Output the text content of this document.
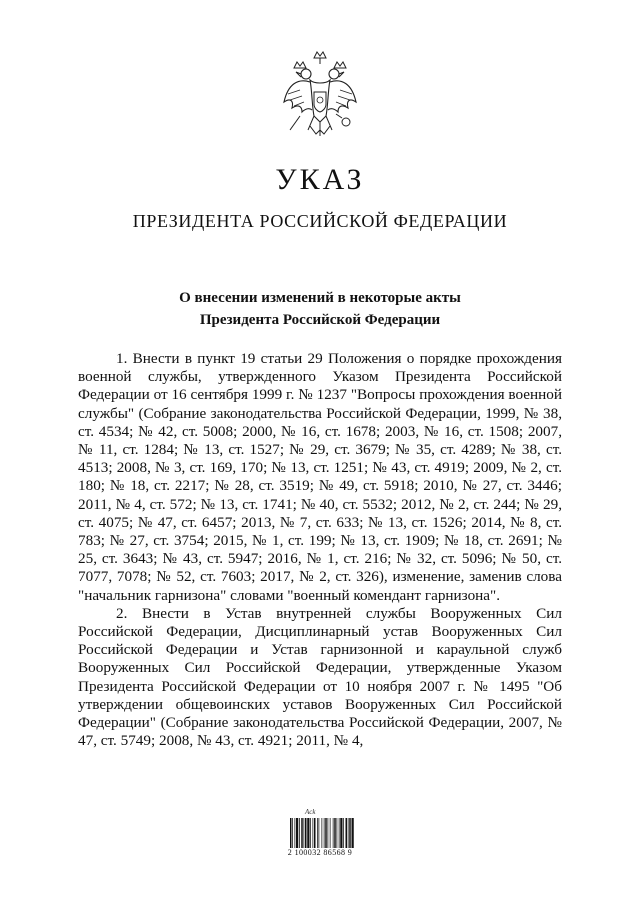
УКАЗ
ПРЕЗИДЕНТА РОССИЙСКОЙ ФЕДЕРАЦИИ
О внесении изменений в некоторые акты
Президента Российской Федерации

1. Внести в пункт 19 статьи 29 Положения о порядке прохождения военной службы, утвержденного Указом Президента Российской Федерации от 16 сентября 1999 г. № 1237 "Вопросы прохождения военной службы" (Собрание законодательства Российской Федерации, 1999, № 38, ст. 4534; № 42, ст. 5008; 2000, № 16, ст. 1678; 2003, № 16, ст. 1508; 2007, № 11, ст. 1284; № 13, ст. 1527; № 29, ст. 3679; № 35, ст. 4289; № 38, ст. 4513; 2008, № 3, ст. 169, 170; № 13, ст. 1251; № 43, ст. 4919; 2009, № 2, ст. 180; № 18, ст. 2217; № 28, ст. 3519; № 49, ст. 5918; 2010, № 27, ст. 3446; 2011, № 4, ст. 572; № 13, ст. 1741; № 40, ст. 5532; 2012, № 2, ст. 244; № 29, ст. 4075; № 47, ст. 6457; 2013, № 7, ст. 633; № 13, ст. 1526; 2014, № 8, ст. 783; № 27, ст. 3754; 2015, № 1, ст. 199; № 13, ст. 1909; № 18, ст. 2691; № 25, ст. 3643; № 43, ст. 5947; 2016, № 1, ст. 216; № 32, ст. 5096; № 50, ст. 7077, 7078; № 52, ст. 7603; 2017, № 2, ст. 326), изменение, заменив слова "начальник гарнизона" словами "военный комендант гарнизона".

2. Внести в Устав внутренней службы Вооруженных Сил Российской Федерации, Дисциплинарный устав Вооруженных Сил Российской Федерации и Устав гарнизонной и караульной служб Вооруженных Сил Российской Федерации, утвержденные Указом Президента Российской Федерации от 10 ноября 2007 г. № 1495 "Об утверждении общевоинских уставов Вооруженных Сил Российской Федерации" (Собрание законодательства Российской Федерации, 2007, № 47, ст. 5749; 2008, № 43, ст. 4921; 2011, № 4,

Ack

2 100032 86568 9
